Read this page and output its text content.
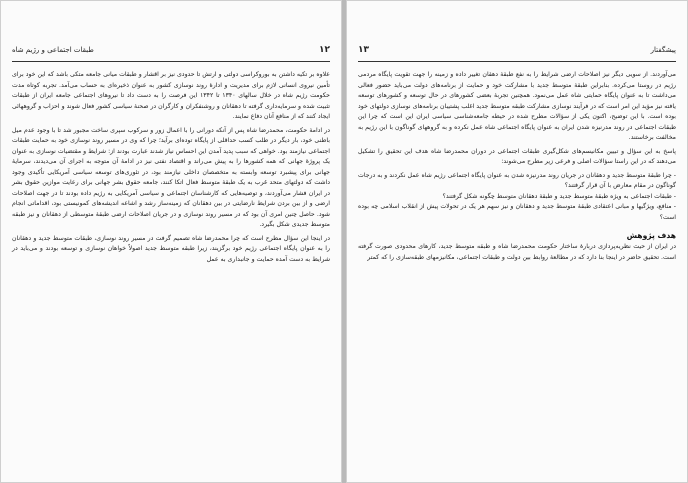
۱۲
طبقات اجتماعی و رژیم شاه

علاوه بر تکیه داشتن به بوروکراسی دولتی و ارتش تا حدودی نیز بر اقشار و طبقات میانی جامعه متکی باشد که این خود برای تأمین نیروی انسانی لازم برای مدیریت و ادارهٔ روند نوسازی کشور به عنوان ذخیره‌ای به حساب می‌آمد. تجربه کوتاه مدت حکومت رژیم شاه در خلال سالهای ۱۳۴۰ تا ۱۳۴۲ این فرصت را به دست داد تا نیروهای اجتماعی جامعه ایران از طبقات تثبیت شده و سرمایه‌داری گرفته تا دهقانان و روشنفکران و کارگران در صحنهٔ سیاسی کشور فعال شوند و احزاب و گروههائی ایجاد کنند که از منافع آنان دفاع نمایند.

در ادامهٔ حکومت، محمدرضا شاه پس از آنکه دورانی را با اعمال زور و سرکوب سپری ساخت مجبور شد تا با وجود عدم میل باطنی خود، بار دیگر در طلب کسب حداقلی از پایگاه توده‌ای برآید؛ چرا که وی در مسیر روند نوسازی خود به حمایت طبقات اجتماعی نیازمند بود. خواهی که سبب پدید آمدن این احساس نیاز شدند عبارت بودند از: شرایط و مقتضیات نوسازی به عنوان یک پروژهٔ جهانی که همه کشورها را به پیش می‌راند و اقتصاد نفتی نیز در ادامهٔ آن متوجه به اجرای آن می‌دیدند، سرمایهٔ جهانی برای پیشبرد توسعه وابسته به متخصصان داخلی نیازمند بود، در تئوری‌های توسعه سیاسی آمریکایی تأکیدی وجود داشت که دولتهای متحد غرب به یک طبقهٔ متوسط فعال اتکا کنند، جامعه حقوق بشر جهانی برای رعایت موازین حقوق بشر در ایران فشار می‌آوردند، و توصیه‌هایی که کارشناسان اجتماعی و سیاسی آمریکایی به رژیم داده بودند تا در جهت اصلاحات ارضی و از بین بردن شرایط نارضایتی در بین دهقانان که زمینه‌ساز رشد و اشاعه اندیشه‌های کمونیستی بود، اقداماتی انجام شود. حاصل چنین امری آن بود که در مسیر روند نوسازی و در جریان اصلاحات ارضی طبقهٔ متوسطی از دهقانان و نیز طبقه متوسط جدیدی شکل بگیرد.

در اینجا این سؤال مطرح است که چرا محمدرضا شاه تصمیم گرفت در مسیر روند نوسازی، طبقات متوسط جدید و دهقانان را به عنوان پایگاه اجتماعی رژیم خود برگزیند، زیرا طبقه متوسط جدید اصولاً خواهان نوسازی و توسعه بودند و می‌باید در شرایط به دست آمده حمایت و جانبداری به عمل

پیشگفتار
۱۳

می‌آوردند. از سویی دیگر نیز اصلاحات ارضی شرایط را به نفع طبقهٔ دهقان تغییر داده و زمینه را جهت تقویت پایگاه مردمی رژیم در روستا می‌کرده. بنابراین طبقهٔ متوسط جدید با مشارکت خود و حمایت از برنامه‌های دولت می‌باید حضور فعالی می‌داشت تا به عنوان پایگاه حمایتی شاه عمل می‌نمود. همچنین تجربهٔ بعضی کشورهای در حال توسعه و کشورهای توسعه یافته نیز مؤید این امر است که در فرآیند نوسازی مشارکت طبقه متوسط جدید اغلب پشتیبان برنامه‌های نوسازی دولتهای خود بوده است. با این توضیح، اکنون یکی از سؤالات مطرح شده در حیطه جامعه‌شناسی سیاسی ایران این است که چرا این طبقات اجتماعی در روند مدرنیزه شدن ایران به عنوان پایگاه اجتماعی شاه عمل نکرده و به گروههای گوناگون با این رژیم به مخالفت برخاستند.

پاسخ به این سؤال و تبیین مکانیسم‌های شکل‌گیری طبقات اجتماعی در دوران محمدرضا شاه هدف این تحقیق را تشکیل می‌دهند که در این راستا سؤالات اصلی و فرعی زیر مطرح می‌شوند:

- چرا طبقهٔ متوسط جدید و دهقانان در جریان روند مدرنیزه شدن به عنوان پایگاه اجتماعی رژیم شاه عمل نکردند و به درجات گوناگون در مقام معارض با آن قرار گرفتند؟
- طبقات اجتماعی به ویژه طبقهٔ متوسط جدید و طبقهٔ دهقانان متوسط چگونه شکل گرفتند؟
- منافع، ویژگیها و مبانی اعتقادی طبقهٔ متوسط جدید و دهقانان و نیز سهم هر یک در تحولات پیش از انقلاب اسلامی چه بوده است؟
هدف پژوهش

در ایران از حیث نظریه‌پردازی دربارهٔ ساختار حکومت محمدرضا شاه و طبقه متوسط جدید، کارهای محدودی صورت گرفته است. تحقیق حاضر در اینجا بنا دارد که در مطالعهٔ روابط بین دولت و طبقات اجتماعی، مکانیزمهای طبقه‌سازی را که کمتر
